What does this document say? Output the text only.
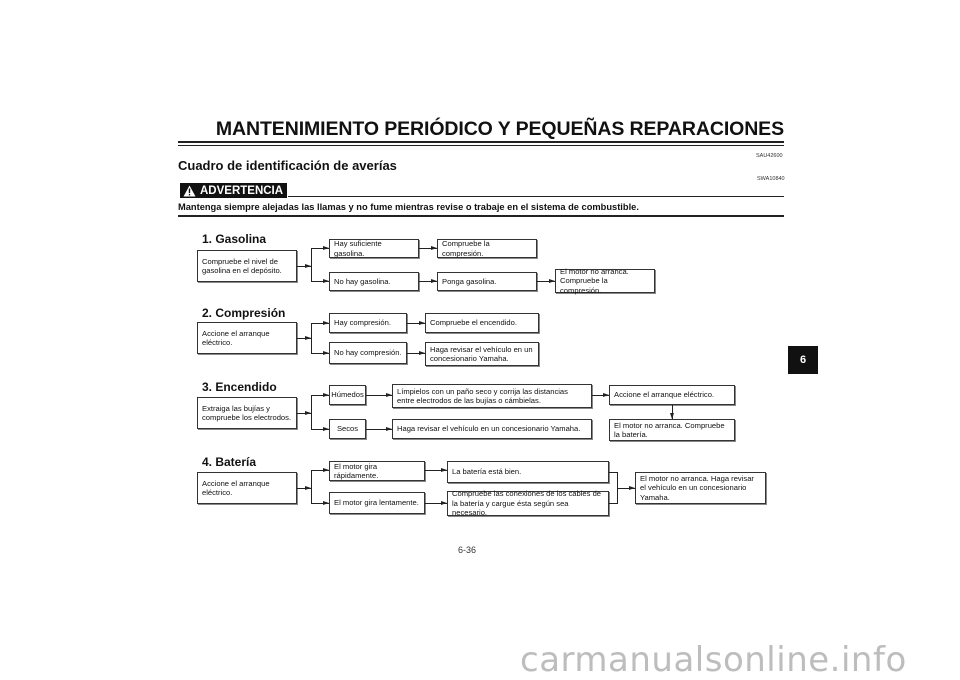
MANTENIMIENTO PERIÓDICO Y PEQUEÑAS REPARACIONES
SAU42600
Cuadro de identificación de averías
SWA10840
ADVERTENCIA
Mantenga siempre alejadas las llamas y no fume mientras revise o trabaje en el sistema de combustible.
1. Gasolina
Compruebe el nivel de gasolina en el depósito.
Hay suficiente gasolina.
No hay gasolina.
Compruebe la compresión.
Ponga gasolina.
El motor no arranca. Compruebe la compresión.
2. Compresión
Accione el arranque eléctrico.
Hay compresión.
No hay compresión.
Compruebe el encendido.
Haga revisar el vehículo en un concesionario Yamaha.
3. Encendido
Extraiga las bujías y compruebe los electrodos.
Húmedos
Secos
Límpielos con un paño seco y corrija las distancias entre electrodos de las bujías o cámbielas.
Haga revisar el vehículo en un concesionario Yamaha.
Accione el arranque eléctrico.
El motor no arranca. Compruebe la batería.
4. Batería
Accione el arranque eléctrico.
El motor gira rápidamente.
El motor gira lentamente.
La batería está bien.
Compruebe las conexiones de los cables de la batería y cargue ésta según sea necesario.
El motor no arranca. Haga revisar el vehículo en un concesionario Yamaha.
6
6-36
carmanualsonline.info
